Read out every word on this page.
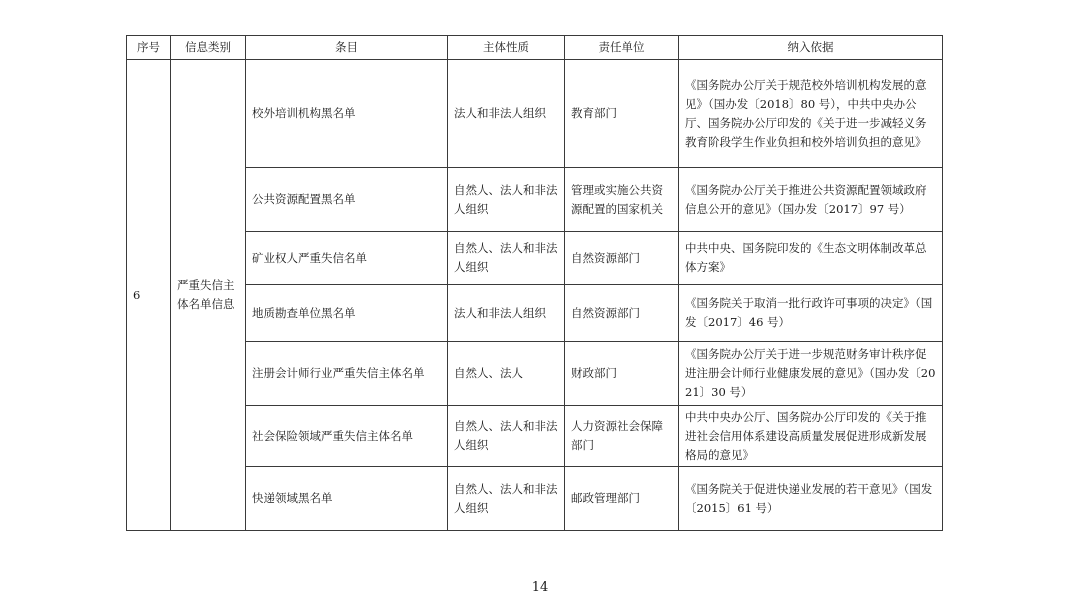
序号	信息类别	条目	主体性质	责任单位	纳入依据
6	严重失信主体名单信息	校外培训机构黑名单	法人和非法人组织	教育部门	《国务院办公厅关于规范校外培训机构发展的意见》（国办发〔2018〕80 号），中共中央办公厅、国务院办公厅印发的《关于进一步减轻义务教育阶段学生作业负担和校外培训负担的意见》
		公共资源配置黑名单	自然人、法人和非法人组织	管理或实施公共资源配置的国家机关	《国务院办公厅关于推进公共资源配置领域政府信息公开的意见》（国办发〔2017〕97 号）
		矿业权人严重失信名单	自然人、法人和非法人组织	自然资源部门	中共中央、国务院印发的《生态文明体制改革总体方案》
		地质勘查单位黑名单	法人和非法人组织	自然资源部门	《国务院关于取消一批行政许可事项的决定》（国发〔2017〕46 号）
		注册会计师行业严重失信主体名单	自然人、法人	财政部门	《国务院办公厅关于进一步规范财务审计秩序促进注册会计师行业健康发展的意见》（国办发〔2021〕30 号）
		社会保险领域严重失信主体名单	自然人、法人和非法人组织	人力资源社会保障部门	中共中央办公厅、国务院办公厅印发的《关于推进社会信用体系建设高质量发展促进形成新发展格局的意见》
		快递领域黑名单	自然人、法人和非法人组织	邮政管理部门	《国务院关于促进快递业发展的若干意见》（国发〔2015〕61 号）
14
